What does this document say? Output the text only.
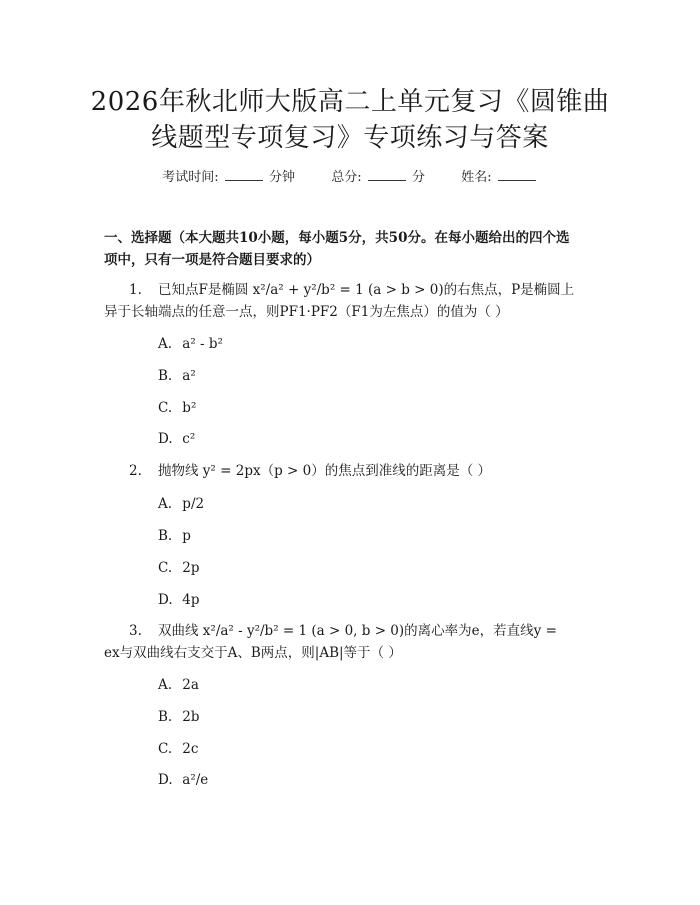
2026年秋北师大版高二上单元复习《圆锥曲
线题型专项复习》专项练习与答案
考试时间:	分钟	总分:	分	姓名:
一、选择题（本大题共10小题，每小题5分，共50分。在每小题给出的四个选
项中，只有一项是符合题目要求的）
1. 已知点F是椭圆 x²/a² + y²/b² = 1 (a > b > 0)的右焦点，P是椭圆上
异于长轴端点的任意一点，则PF1·PF2（F1为左焦点）的值为（ ）
A. a² - b²
B. a²
C. b²
D. c²
2. 抛物线 y² = 2px（p > 0）的焦点到准线的距离是（ ）
A. p/2
B. p
C. 2p
D. 4p
3. 双曲线 x²/a² - y²/b² = 1 (a > 0, b > 0)的离心率为e，若直线y =
ex与双曲线右支交于A、B两点，则|AB|等于（ ）
A. 2a
B. 2b
C. 2c
D. a²/e
